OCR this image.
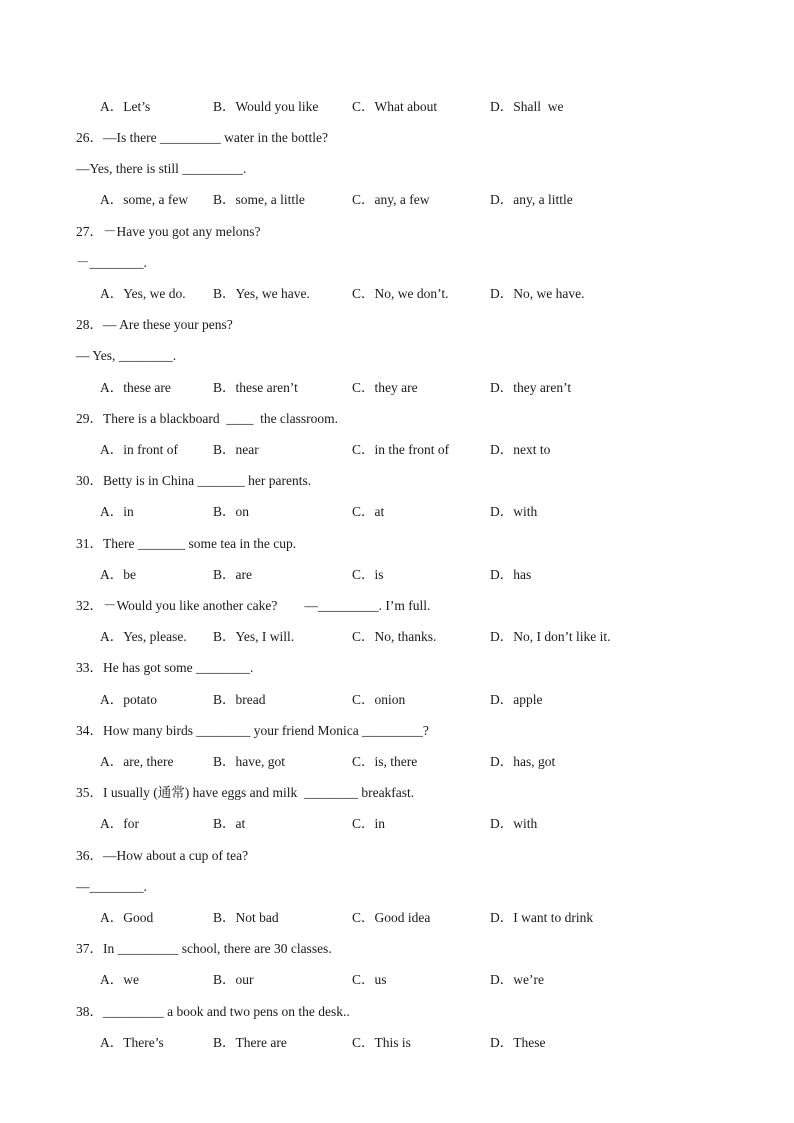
A．Let’s	B．Would you like C．What about	D．Shall  we
26．—Is there _________ water in the bottle?
—Yes, there is still _________.
A．some, a few B．some, a little	C．any, a few	D．any, a little
27．－Have you got any melons?
－________.
A．Yes, we do. B．Yes, we have.	C．No, we don’t.	D．No, we have.
28．— Are these your pens?
— Yes, ________.
A．these are	B．these aren’t	C．they are	D．they aren’t
29．There is a blackboard  ____  the classroom.
A．in front of	B．near	C．in the front of	D．next to
30．Betty is in China _______ her parents.
A．in	B．on	C．at	D．with
31．There _______ some tea in the cup.
A．be	B．are	C．is	D．has
32．－Would you like another cake?        —_________. I’m full.
A．Yes, please. B．Yes, I will.	C．No, thanks.	D．No, I don’t like it.
33．He has got some ________.
A．potato	B．bread	C．onion	D．apple
34．How many birds ________ your friend Monica _________?
A．are, there	B．have, got	C．is, there	D．has, got
35．I usually (通常) have eggs and milk  ________ breakfast.
A．for	B．at	C．in	D．with
36．—How about a cup of tea?
—________.
A．Good	B．Not bad	C．Good idea	D．I want to drink
37．In _________ school, there are 30 classes.
A．we	B．our	C．us	D．we’re
38．_________ a book and two pens on the desk..
A．There’s	B．There are	C．This is	D．These
